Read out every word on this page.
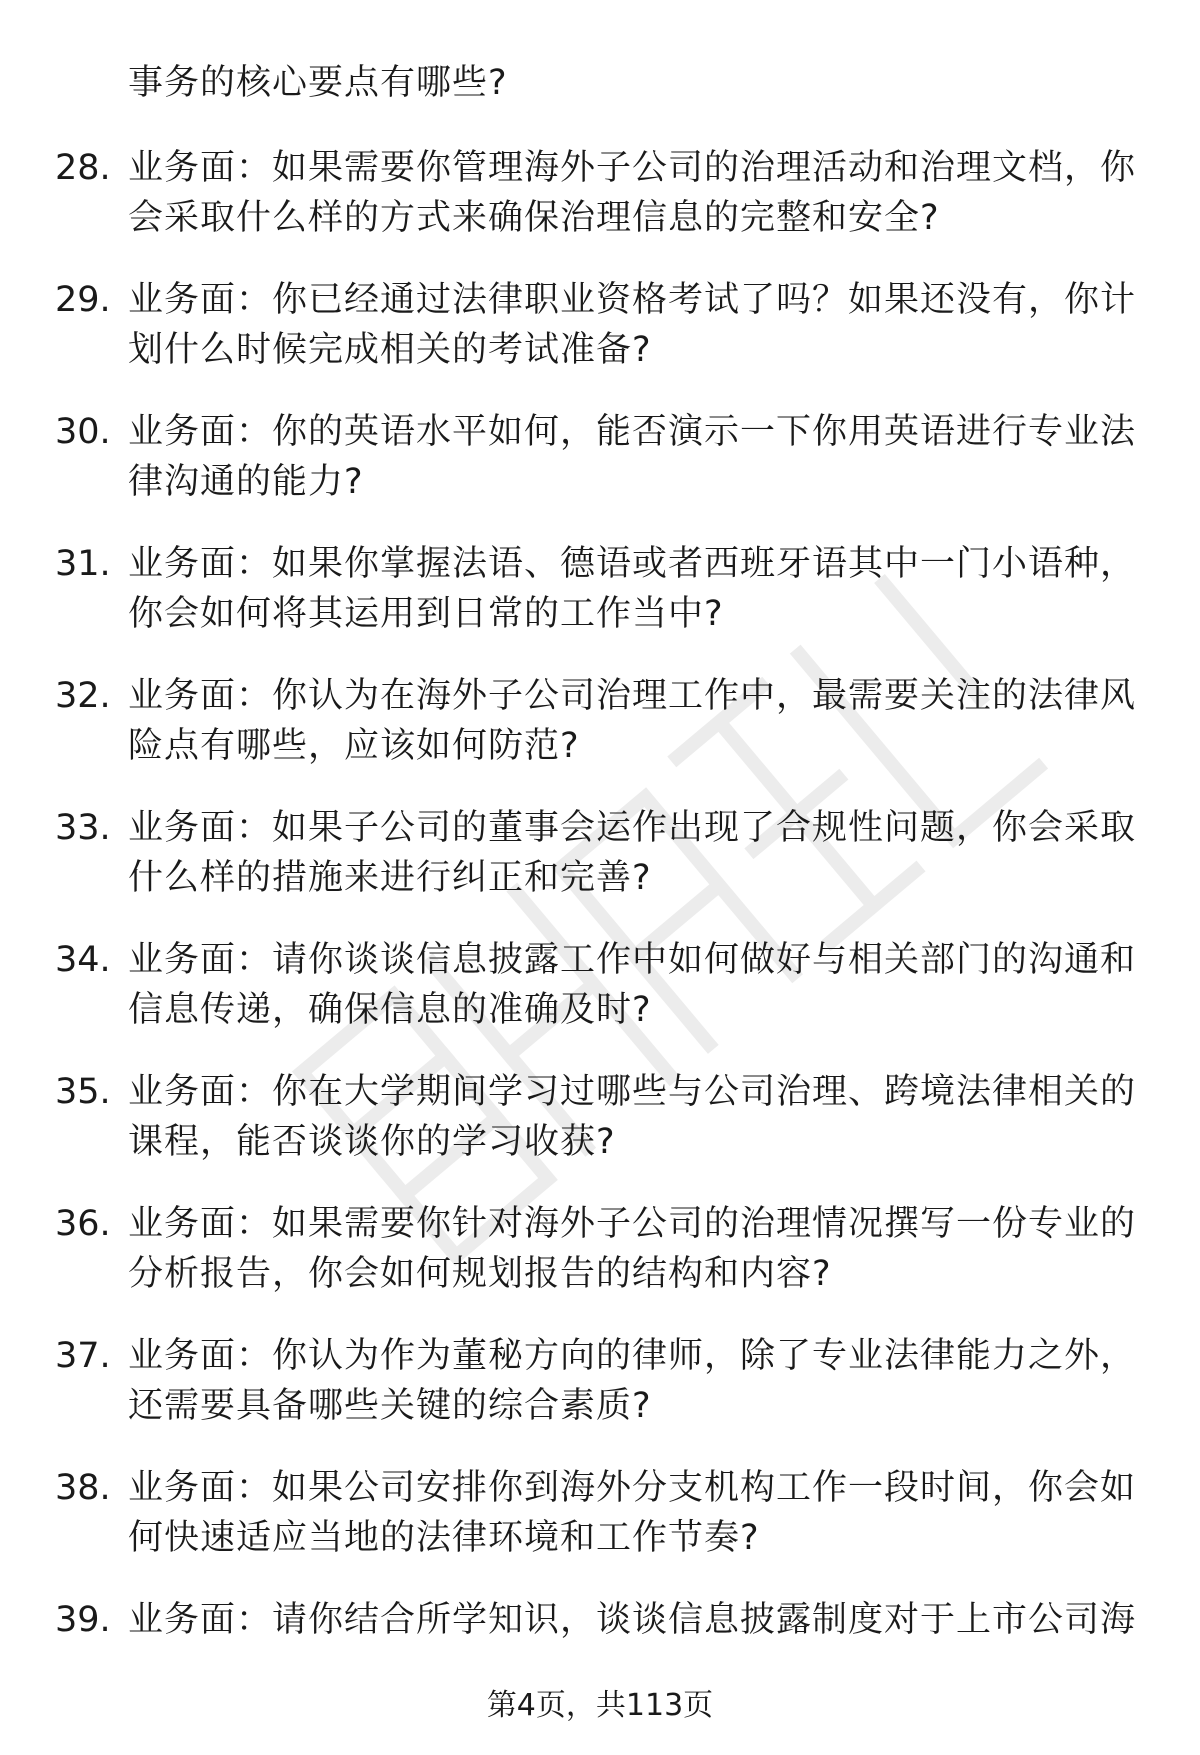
事务的核心要点有哪些?
28. 业务面：如果需要你管理海外子公司的治理活动和治理文档，你会采取什么样的方式来确保治理信息的完整和安全?
29. 业务面：你已经通过法律职业资格考试了吗？如果还没有，你计划什么时候完成相关的考试准备?
30. 业务面：你的英语水平如何，能否演示一下你用英语进行专业法律沟通的能力?
31. 业务面：如果你掌握法语、德语或者西班牙语其中一门小语种，你会如何将其运用到日常的工作当中?
32. 业务面：你认为在海外子公司治理工作中，最需要关注的法律风险点有哪些，应该如何防范?
33. 业务面：如果子公司的董事会运作出现了合规性问题，你会采取什么样的措施来进行纠正和完善?
34. 业务面：请你谈谈信息披露工作中如何做好与相关部门的沟通和信息传递，确保信息的准确及时?
35. 业务面：你在大学期间学习过哪些与公司治理、跨境法律相关的课程，能否谈谈你的学习收获?
36. 业务面：如果需要你针对海外子公司的治理情况撰写一份专业的分析报告，你会如何规划报告的结构和内容?
37. 业务面：你认为作为董秘方向的律师，除了专业法律能力之外，还需要具备哪些关键的综合素质?
38. 业务面：如果公司安排你到海外分支机构工作一段时间，你会如何快速适应当地的法律环境和工作节奏?
39. 业务面：请你结合所学知识，谈谈信息披露制度对于上市公司海
第4页，共113页
